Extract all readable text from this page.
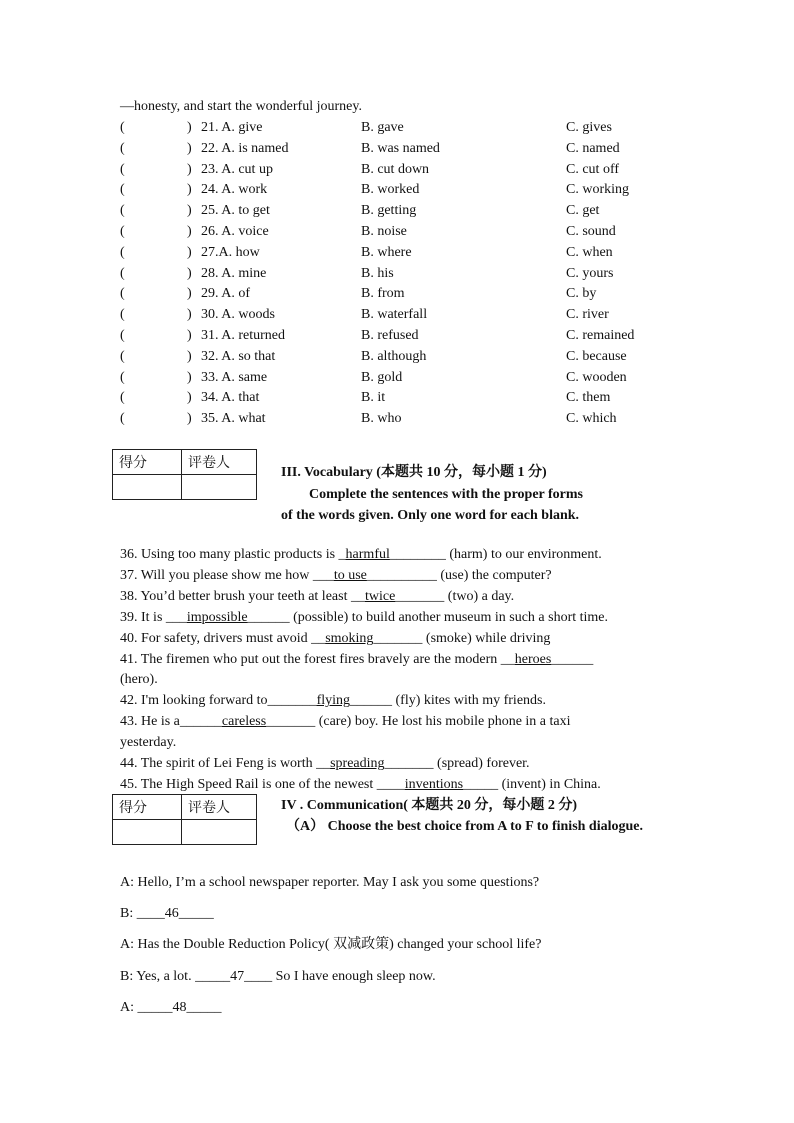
—honesty, and start the wonderful journey.
(	) 21. A. give	B. gave	C. gives
(	) 22. A. is named	B. was named	C. named
(	) 23. A. cut up	B. cut down	C. cut off
(	) 24. A. work	B. worked	C. working
(	) 25. A. to get	B. getting	C. get
(	) 26. A. voice	B. noise	C. sound
(	) 27.A. how	B. where	C. when
(	) 28. A. mine	B. his	C. yours
(	) 29. A. of	B. from	C. by
(	) 30. A. woods	B. waterfall	C. river
(	) 31. A. returned	B. refused	C. remained
(	) 32. A. so that	B. although	C. because
(	) 33. A. same	B. gold	C. wooden
(	) 34. A. that	B. it	C. them
(	) 35. A. what	B. who	C. which
得分	评卷人

III. Vocabulary (本题共 10 分，每小题 1 分)
Complete the sentences with the proper forms
of the words given. Only one word for each blank.
36. Using too many plastic products is _harmful________ (harm) to our environment.
37. Will you please show me how ___to use__________ (use) the computer?
38. You’d better brush your teeth at least __twice_______ (two) a day.
39. It is ___impossible______ (possible) to build another museum in such a short time.
40. For safety, drivers must avoid __smoking_______ (smoke) while driving
41. The firemen who put out the forest fires bravely are the modern __heroes______
(hero).
42. I'm looking forward to_______flying______ (fly) kites with my friends.
43. He is a______careless_______ (care) boy. He lost his mobile phone in a taxi
yesterday.
44. The spirit of Lei Feng is worth __spreading_______ (spread) forever.
45. The High Speed Rail is one of the newest ____inventions_____ (invent) in China.
得分	评卷人
		IV . Communication( 本题共 20 分，每小题 2 分)
（A） Choose the best choice from A to F to finish dialogue.
A: Hello, I’m a school newspaper reporter. May I ask you some questions?
B: ____46_____
A: Has the Double Reduction Policy( 双减政策) changed your school life?
B: Yes, a lot. _____47____ So I have enough sleep now.
A: _____48_____
